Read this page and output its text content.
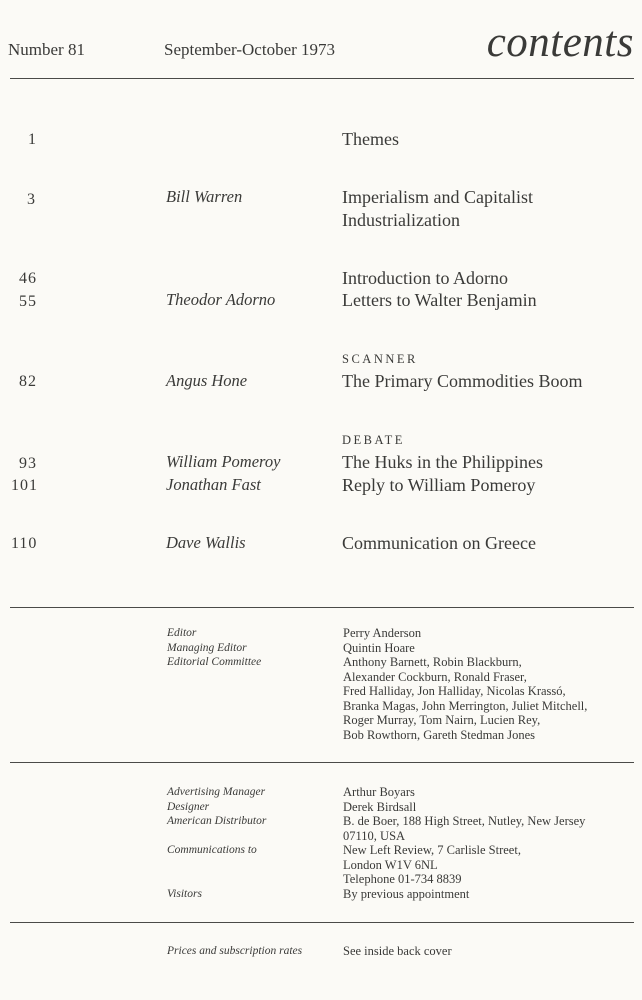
Number 81	September-October 1973	contents
1	Themes
3	Bill Warren	Imperialism and Capitalist
Industrialization
46	Introduction to Adorno
55	Theodor Adorno	Letters to Walter Benjamin
SCANNER
82	Angus Hone	The Primary Commodities Boom
DEBATE
93	William Pomeroy	The Huks in the Philippines
101	Jonathan Fast	Reply to William Pomeroy
110	Dave Wallis	Communication on Greece
Editor	Perry Anderson
Managing Editor	Quintin Hoare
Editorial Committee	Anthony Barnett, Robin Blackburn,
Alexander Cockburn, Ronald Fraser,
Fred Halliday, Jon Halliday, Nicolas Krassó,
Branka Magas, John Merrington, Juliet Mitchell,
Roger Murray, Tom Nairn, Lucien Rey,
Bob Rowthorn, Gareth Stedman Jones
Advertising Manager	Arthur Boyars
Designer	Derek Birdsall
American Distributor	B. de Boer, 188 High Street, Nutley, New Jersey
07110, USA
Communications to	New Left Review, 7 Carlisle Street,
London W1V 6NL
Telephone 01-734 8839
Visitors	By previous appointment
Prices and subscription rates	See inside back cover
